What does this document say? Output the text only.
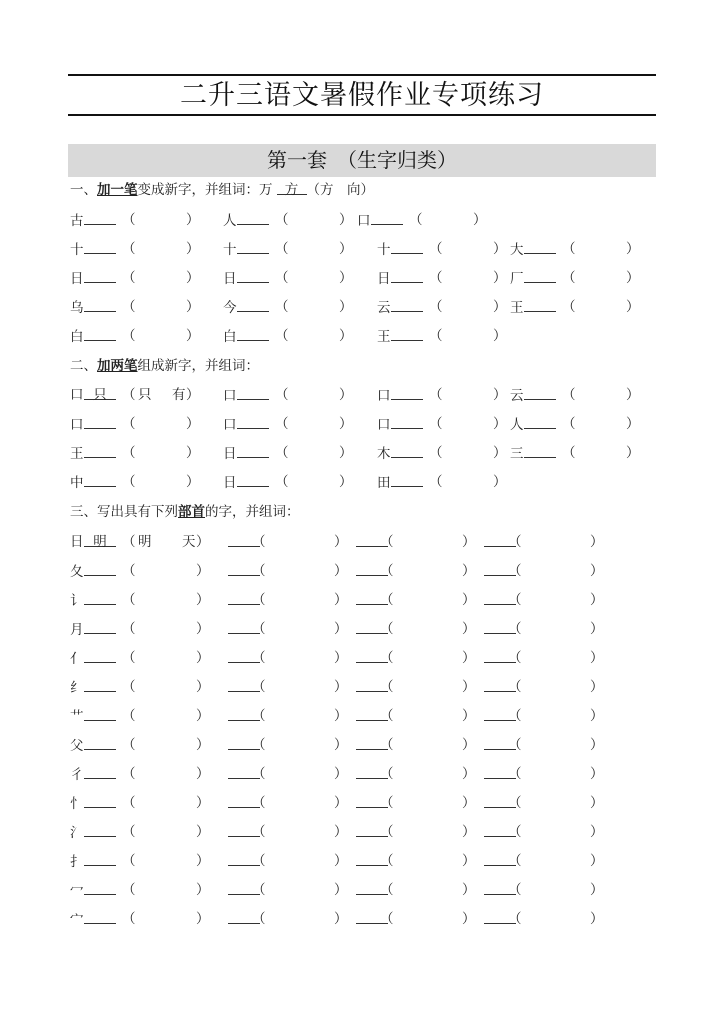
二升三语文暑假作业专项练习
第一套　（生字归类）
一、加一笔变成新字，并组词：万 方 （方　向）
古	（	） 人	（	） 口	（	）
十	（	） 十	（	） 十	（	） 大	（	）
日	（	） 日	（	） 日	（	） 厂	（	）
乌	（	） 今	（	） 云	（	） 王	（	）
白	（	） 白	（	） 王	（	）
二、加两笔组成新字，并组词：
口 只 （ 只 有 ） 口	（	） 口	（	） 云	（	）
口	（	） 口	（	） 口	（	） 人	（	）
王	（	） 日	（	） 木	（	） 三	（	）
中	（	） 日	（	） 田	（	）
三、写出具有下列部首的字，并组词：
日 明 （ 明 天 ）	（	） （	） （	）
夂	（	）	（	） （	） （	）
讠	（	）	（	） （	） （	）
月	（	）	（	） （	） （	）
亻	（	）	（	） （	） （	）
纟	（	）	（	） （	） （	）
艹	（	）	（	） （	） （	）
父	（	）	（	） （	） （	）
彳	（	）	（	） （	） （	）
忄	（	）	（	） （	） （	）
氵	（	）	（	） （	） （	）
扌	（	）	（	） （	） （	）
冖	（	）	（	） （	） （	）
宀	（	）	（	） （	） （	）
